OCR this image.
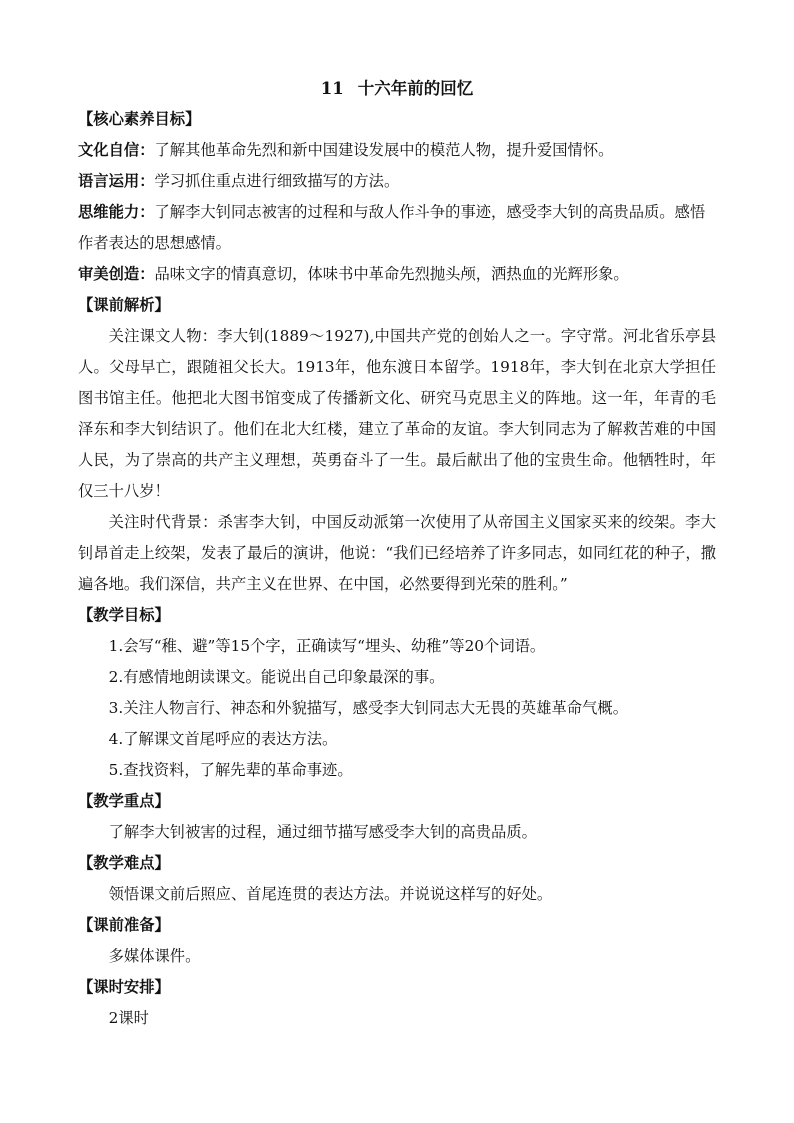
11 十六年前的回忆
【核心素养目标】
文化自信：了解其他革命先烈和新中国建设发展中的模范人物，提升爱国情怀。
语言运用：学习抓住重点进行细致描写的方法。
思维能力：了解李大钊同志被害的过程和与敌人作斗争的事迹，感受李大钊的高贵品质。感悟作者表达的思想感情。
审美创造：品味文字的情真意切，体味书中革命先烈抛头颅，洒热血的光辉形象。
【课前解析】

关注课文人物：李大钊(1889～1927),中国共产党的创始人之一。字守常。河北省乐亭县人。父母早亡，跟随祖父长大。1913年，他东渡日本留学。1918年，李大钊在北京大学担任图书馆主任。他把北大图书馆变成了传播新文化、研究马克思主义的阵地。这一年，年青的毛泽东和李大钊结识了。他们在北大红楼，建立了革命的友谊。李大钊同志为了解救苦难的中国人民，为了崇高的共产主义理想，英勇奋斗了一生。最后献出了他的宝贵生命。他牺牲时，年仅三十八岁！

关注时代背景：杀害李大钊，中国反动派第一次使用了从帝国主义国家买来的绞架。李大钊昂首走上绞架，发表了最后的演讲，他说：“我们已经培养了许多同志，如同红花的种子，撒遍各地。我们深信，共产主义在世界、在中国，必然要得到光荣的胜利。”

【教学目标】
1.会写“稚、避”等15个字，正确读写“埋头、幼稚”等20个词语。
2.有感情地朗读课文。能说出自己印象最深的事。
3.关注人物言行、神态和外貌描写，感受李大钊同志大无畏的英雄革命气概。
4.了解课文首尾呼应的表达方法。
5.查找资料，了解先辈的革命事迹。
【教学重点】

了解李大钊被害的过程，通过细节描写感受李大钊的高贵品质。

【教学难点】

领悟课文前后照应、首尾连贯的表达方法。并说说这样写的好处。

【课前准备】

多媒体课件。

【课时安排】

2课时
